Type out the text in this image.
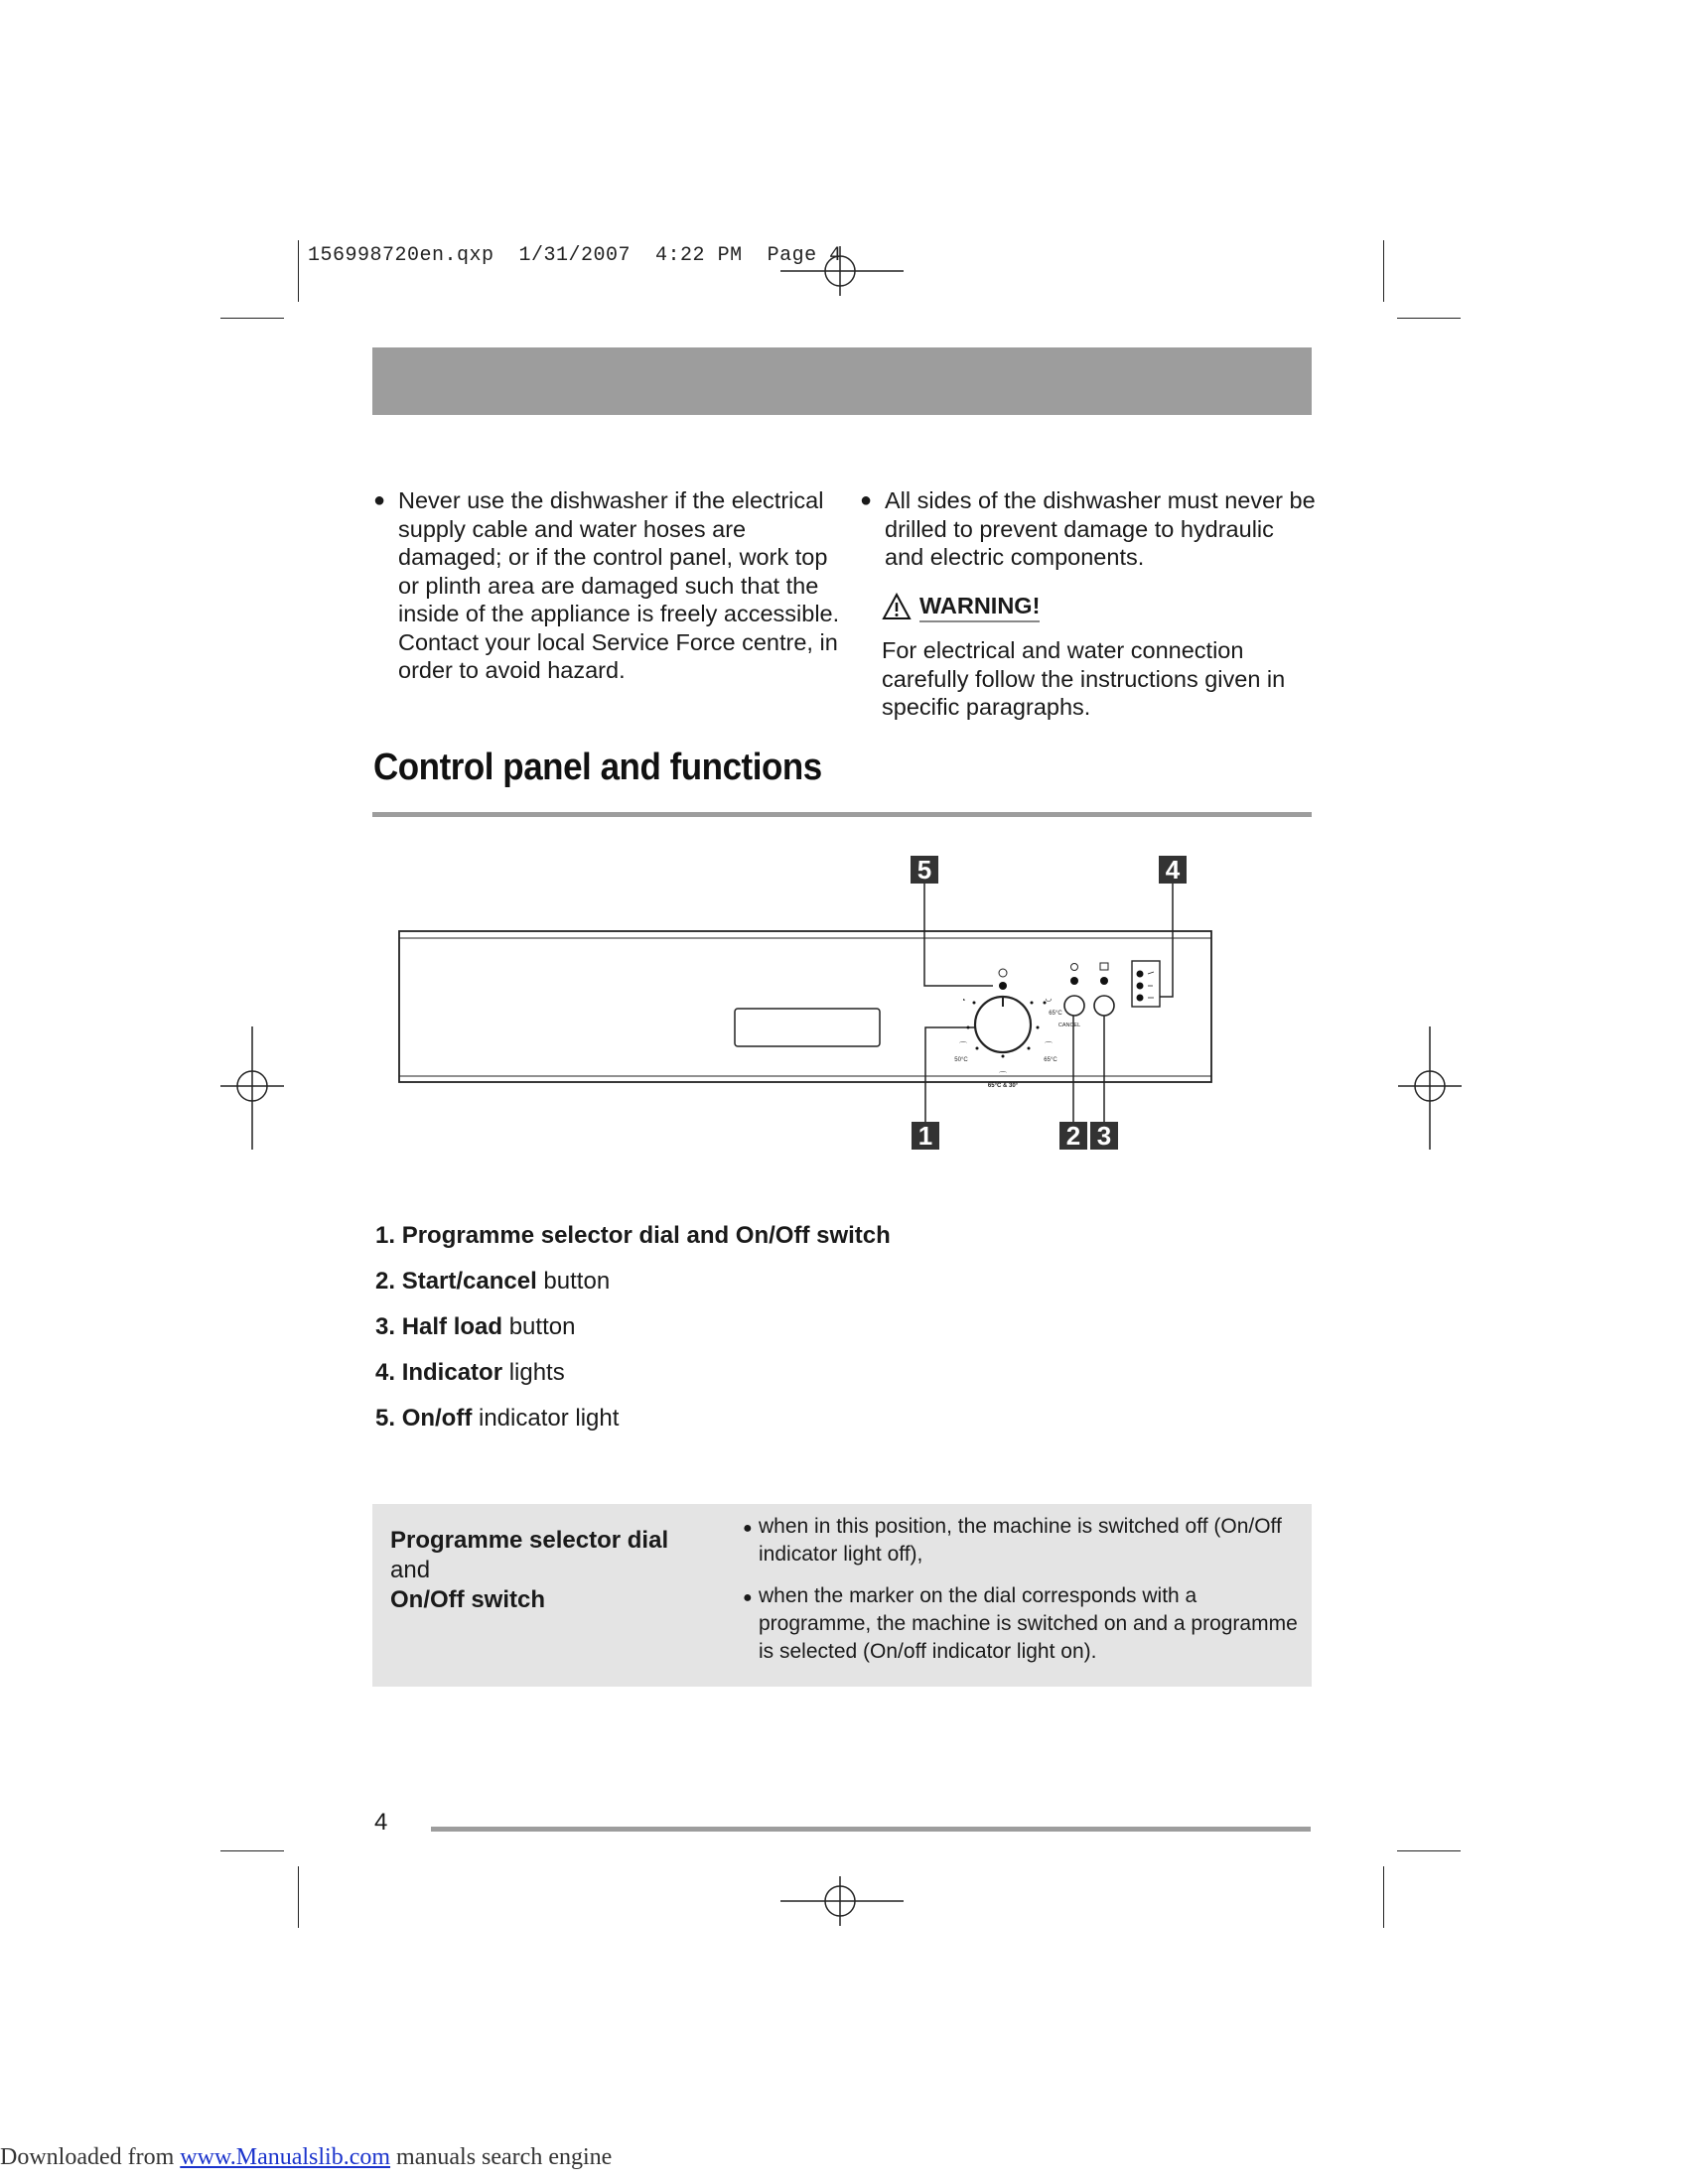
156998720en.qxp  1/31/2007  4:22 PM  Page 4
● Never use the dishwasher if the electrical supply cable and water hoses are damaged; or if the control panel, work top or plinth area are damaged such that the inside of the appliance is freely accessible. Contact your local Service Force centre, in order to avoid hazard.
● All sides of the dishwasher must never be drilled to prevent damage to hydraulic and electric components.
WARNING!
For electrical and water connection carefully follow the instructions given in specific paragraphs.
Control panel and functions
5	4
1	2 3
◔	◡
⌒	⌒
⌒
50°C
65°C
65°C
65°C & 30°
CANCEL
1. Programme selector dial and On/Off switch
2. Start/cancel button
3. Half load button
4. Indicator lights
5. On/off indicator light
Programme selector dial and
On/Off switch
● when in this position, the machine is switched off (On/Off indicator light off),
● when the marker on the dial corresponds with a programme, the machine is switched on and a programme is selected (On/off indicator light on).
4
Downloaded from www.Manualslib.com manuals search engine
